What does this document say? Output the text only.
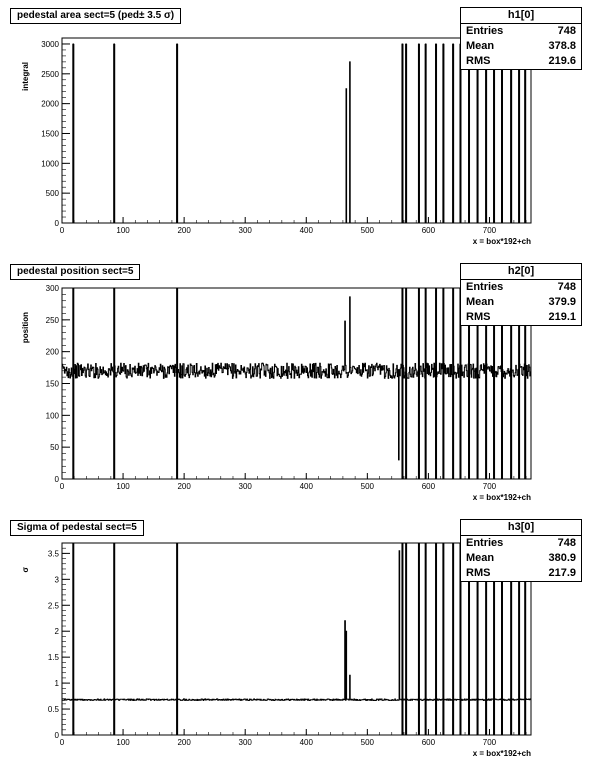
0
500
1000
1500
2000
2500
3000
0	100	200	300	400	500	600	700
x = box*192+ch
integral
0
50
100
150
200
250
300
0	100	200	300	400	500	600	700
x = box*192+ch
position
0
0.5
1
1.5
2
2.5
3
3.5
0	100	200	300	400	500	600	700
x = box*192+ch
σ
pedestal area sect=5 (ped± 3.5 σ)	h1[0]
Entries	748
Mean	378.8
RMS	219.6
pedestal position sect=5	h2[0]
Entries	748
Mean	379.9
RMS	219.1
Sigma of pedestal sect=5	h3[0]
Entries	748
Mean	380.9
RMS	217.9
